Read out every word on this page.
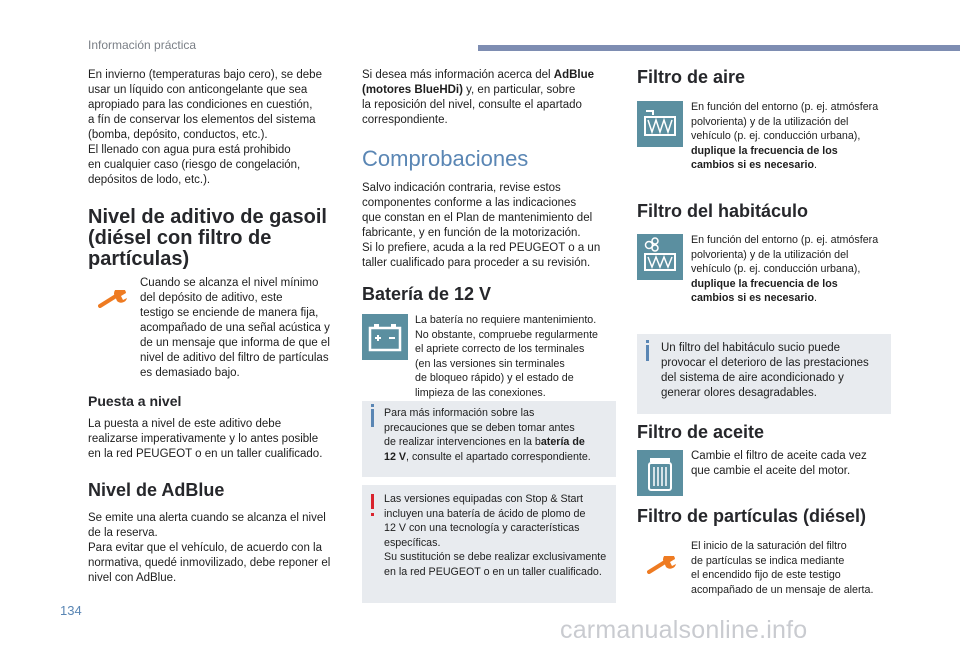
Información práctica
134
carmanualsonline.info

En invierno (temperaturas bajo cero), se debe
usar un líquido con anticongelante que sea
apropiado para las condiciones en cuestión,
a fín de conservar los elementos del sistema
(bomba, depósito, conductos, etc.).
El llenado con agua pura está prohibido
en cualquier caso (riesgo de congelación,
depósitos de lodo, etc.).

Nivel de aditivo de gasoil
(diésel con filtro de
partículas)

Cuando se alcanza el nivel mínimo
del depósito de aditivo, este
testigo se enciende de manera fija,
acompañado de una señal acústica y
de un mensaje que informa de que el
nivel de aditivo del filtro de partículas
es demasiado bajo.

Puesta a nivel

La puesta a nivel de este aditivo debe
realizarse imperativamente y lo antes posible
en la red PEUGEOT o en un taller cualificado.

Nivel de AdBlue

Se emite una alerta cuando se alcanza el nivel
de la reserva.
Para evitar que el vehículo, de acuerdo con la
normativa, quedé inmovilizado, debe reponer el
nivel con AdBlue.

Si desea más información acerca del AdBlue
(motores BlueHDi) y, en particular, sobre
la reposición del nivel, consulte el apartado
correspondiente.

Comprobaciones

Salvo indicación contraria, revise estos
componentes conforme a las indicaciones
que constan en el Plan de mantenimiento del
fabricante, y en función de la motorización.
Si lo prefiere, acuda a la red PEUGEOT o a un
taller cualificado para proceder a su revisión.

Batería de 12 V

La batería no requiere mantenimiento.
No obstante, compruebe regularmente
el apriete correcto de los terminales
(en las versiones sin terminales
de bloqueo rápido) y el estado de
limpieza de las conexiones.

Para más información sobre las
precauciones que se deben tomar antes
de realizar intervenciones en la batería de
12 V, consulte el apartado correspondiente.

Las versiones equipadas con Stop & Start
incluyen una batería de ácido de plomo de
12 V con una tecnología y características
específicas.
Su sustitución se debe realizar exclusivamente
en la red PEUGEOT o en un taller cualificado.

Filtro de aire

En función del entorno (p. ej. atmósfera
polvorienta) y de la utilización del
vehículo (p. ej. conducción urbana),
duplique la frecuencia de los
cambios si es necesario.

Filtro del habitáculo

En función del entorno (p. ej. atmósfera
polvorienta) y de la utilización del
vehículo (p. ej. conducción urbana),
duplique la frecuencia de los
cambios si es necesario.

Un filtro del habitáculo sucio puede
provocar el deterioro de las prestaciones
del sistema de aire acondicionado y
generar olores desagradables.

Filtro de aceite

Cambie el filtro de aceite cada vez
que cambie el aceite del motor.

Filtro de partículas (diésel)

El inicio de la saturación del filtro
de partículas se indica mediante
el encendido fijo de este testigo
acompañado de un mensaje de alerta.
